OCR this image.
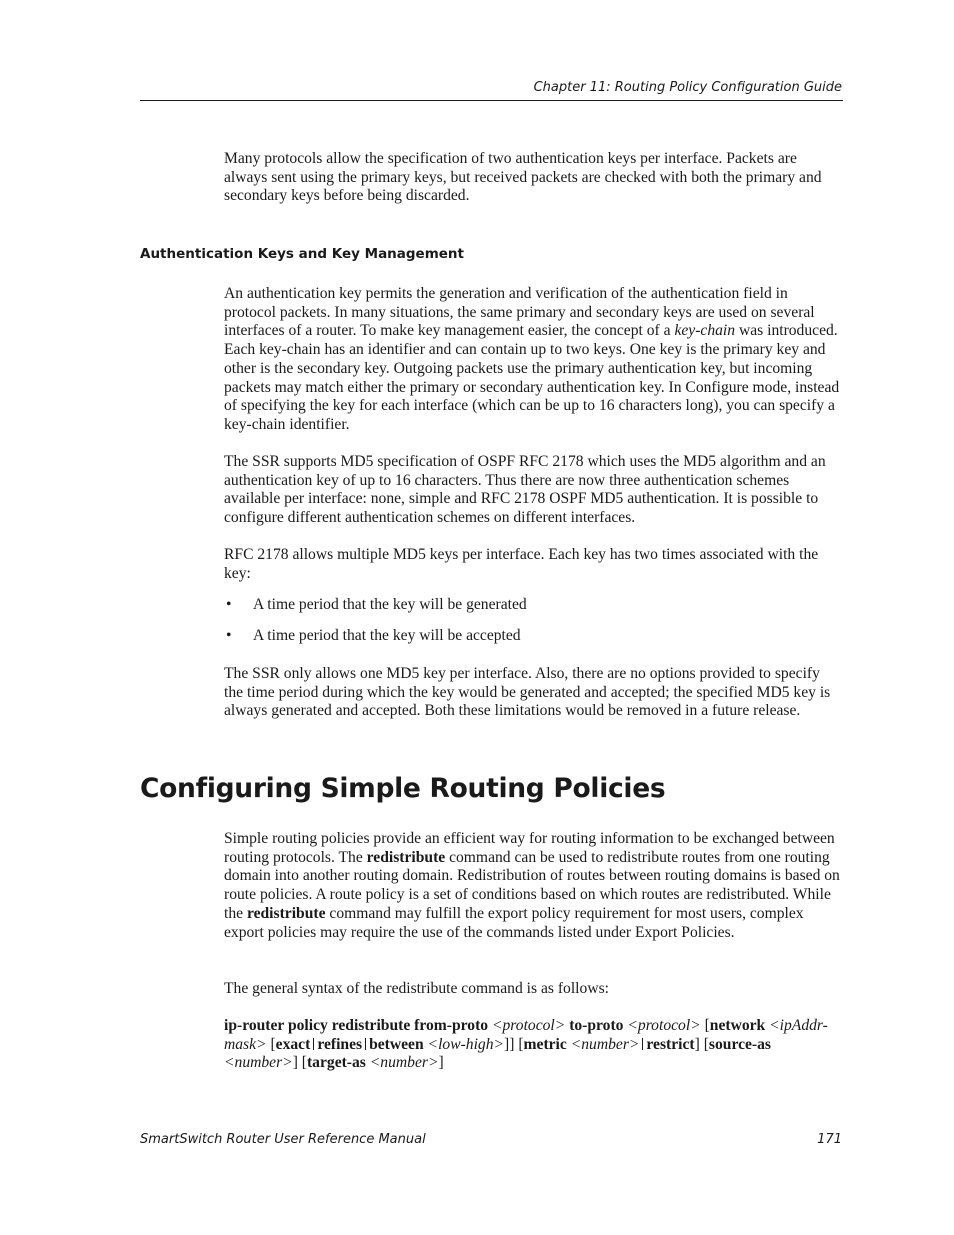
Chapter 11: Routing Policy Configuration Guide

Many protocols allow the specification of two authentication keys per interface. Packets are always sent using the primary keys, but received packets are checked with both the primary and secondary keys before being discarded.

Authentication Keys and Key Management

An authentication key permits the generation and verification of the authentication field in protocol packets. In many situations, the same primary and secondary keys are used on several interfaces of a router. To make key management easier, the concept of a key-chain was introduced. Each key-chain has an identifier and can contain up to two keys. One key is the primary key and other is the secondary key. Outgoing packets use the primary authentication key, but incoming packets may match either the primary or secondary authentication key. In Configure mode, instead of specifying the key for each interface (which can be up to 16 characters long), you can specify a key-chain identifier.

The SSR supports MD5 specification of OSPF RFC 2178 which uses the MD5 algorithm and an authentication key of up to 16 characters. Thus there are now three authentication schemes available per interface: none, simple and RFC 2178 OSPF MD5 authentication. It is possible to configure different authentication schemes on different interfaces.

RFC 2178 allows multiple MD5 keys per interface. Each key has two times associated with the key:

• A time period that the key will be generated
• A time period that the key will be accepted

The SSR only allows one MD5 key per interface. Also, there are no options provided to specify the time period during which the key would be generated and accepted; the specified MD5 key is always generated and accepted. Both these limitations would be removed in a future release.

Configuring Simple Routing Policies

Simple routing policies provide an efficient way for routing information to be exchanged between routing protocols. The redistribute command can be used to redistribute routes from one routing domain into another routing domain. Redistribution of routes between routing domains is based on route policies. A route policy is a set of conditions based on which routes are redistributed. While the redistribute command may fulfill the export policy requirement for most users, complex export policies may require the use of the commands listed under Export Policies.

The general syntax of the redistribute command is as follows:

ip-router policy redistribute from-proto <protocol> to-proto <protocol> [network <ipAddr-mask> [exact refines between <low-high>]] [metric <number> restrict] [source-as <number>] [target-as <number>]

SmartSwitch Router User Reference Manual	171
